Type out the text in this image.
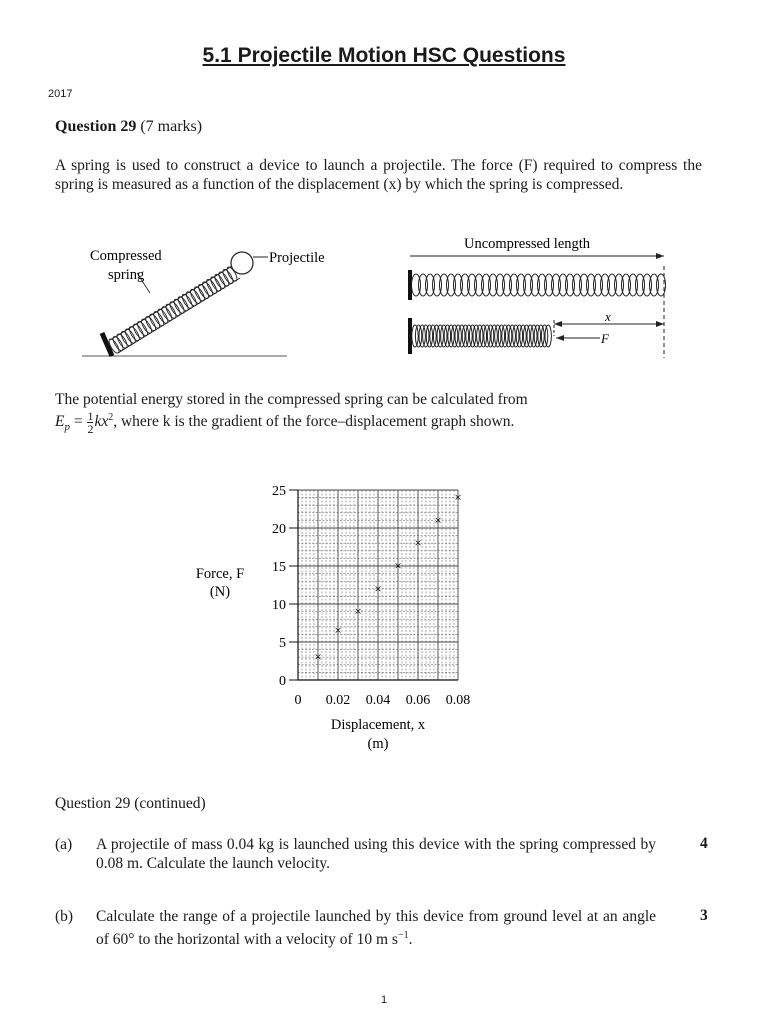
5.1 Projectile Motion HSC Questions
2017
Question 29 (7 marks)
A spring is used to construct a device to launch a projectile. The force (F) required to compress the spring is measured as a function of the displacement (x) by which the spring is compressed.
Compressed
spring
Projectile
Uncompressed length
x
F
The potential energy stored in the compressed spring can be calculated from
$E_p = \frac{1}{2} kx^2$, where k is the gradient of the force–displacement graph shown.
0
5
10
15
20
25
0 0.02 0.04 0.06 0.08
×
×
×
×
×
×
×
×
Force, F
(N)
Displacement, x
(m)
Question 29 (continued)
(a) A projectile of mass 0.04 kg is launched using this device with the spring compressed by 0.08 m. Calculate the launch velocity.
4
(b) Calculate the range of a projectile launched by this device from ground level at an angle of 60° to the horizontal with a velocity of 10 m $s^{-1}$.
3
1
